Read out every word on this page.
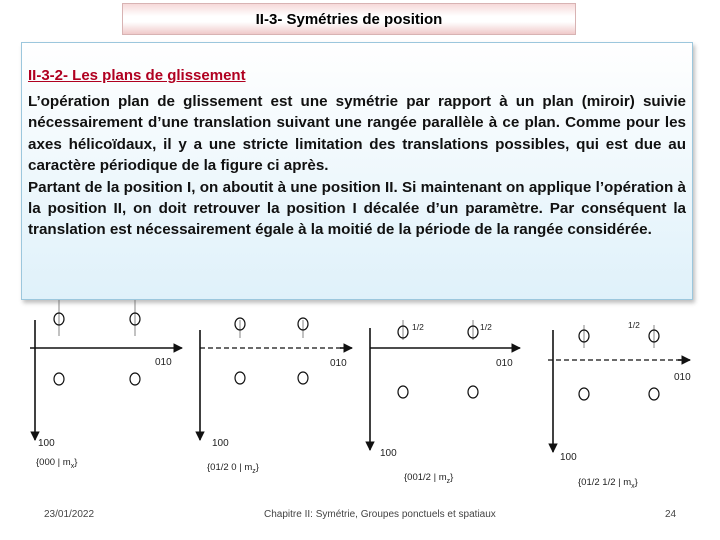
II-3- Symétries de position
II-3-2- Les plans de glissement

L’opération plan de glissement est une symétrie par rapport à un plan (miroir) suivie nécessairement d’une translation suivant une rangée parallèle à ce plan. Comme pour les axes hélicoïdaux, il y a une stricte limitation des translations possibles, qui est due au caractère périodique de la figure ci après.

Partant de la position I, on aboutit à une position II. Si maintenant on applique l’opération à la position II, on doit retrouver la position I décalée d’un paramètre. Par conséquent la translation est nécessairement égale à la moitié de la période de la rangée considérée.

010
100
{000 | $m_x$}
010
100
{01/2 0 | $m_z$}
1/2	1/2
010
100
{001/2 | $m_z$}
1/2
010
100
{01/2 1/2 | $m_x$}
23/01/2022	Chapitre II: Symétrie, Groupes ponctuels et spatiaux	24
